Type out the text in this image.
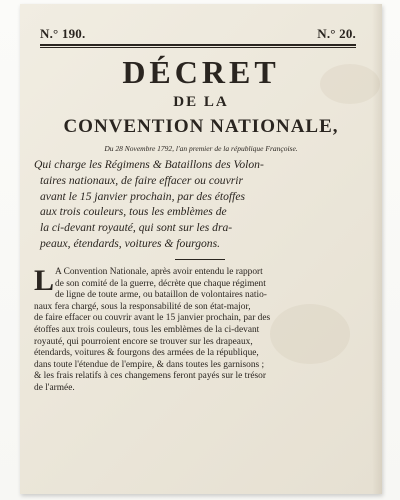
N.° 190.	N.° 20.
DÉCRET
DE LA
CONVENTION NATIONALE,
Du 28 Novembre 1792, l'an premier de la république Françoise.
Qui charge les Régimens & Bataillons des Volon-
taires nationaux, de faire effacer ou couvrir
avant le 15 janvier prochain, par des étoffes
aux trois couleurs, tous les emblèmes de
la ci-devant royauté, qui sont sur les dra-
peaux, étendards, voitures & fourgons.
L A Convention Nationale, après avoir entendu le rapport
de son comité de la guerre, décrète que chaque régiment
de ligne de toute arme, ou bataillon de volontaires natio-
naux fera chargé, sous la responsabilité de son état-major,
de faire effacer ou couvrir avant le 15 janvier prochain, par des
étoffes aux trois couleurs, tous les emblèmes de la ci-devant
royauté, qui pourroient encore se trouver sur les drapeaux,
étendards, voitures & fourgons des armées de la république,
dans toute l'étendue de l'empire, & dans toutes les garnisons ;
& les frais relatifs à ces changemens feront payés sur le trésor
de l'armée.
